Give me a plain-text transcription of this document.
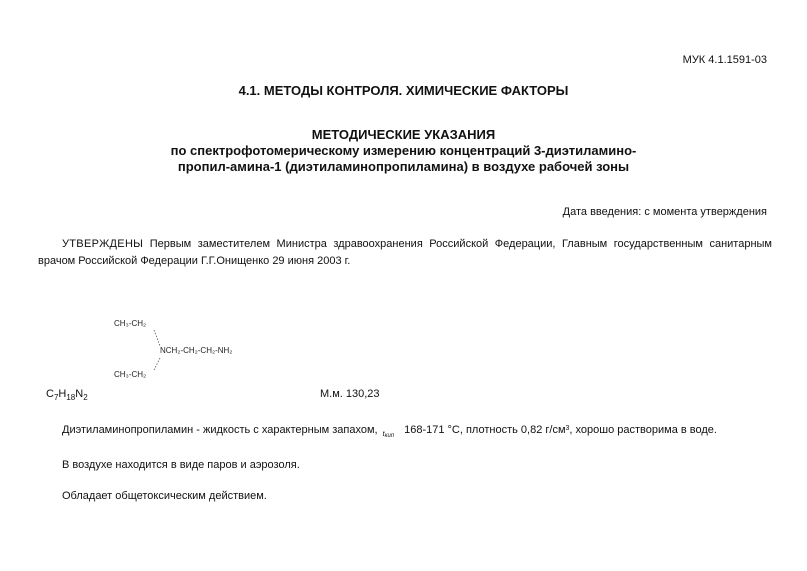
МУК 4.1.1591-03
4.1. МЕТОДЫ КОНТРОЛЯ. ХИМИЧЕСКИЕ ФАКТОРЫ
МЕТОДИЧЕСКИЕ УКАЗАНИЯ
по спектрофотомерическому измерению концентраций 3-диэтиламино-
пропил-амина-1 (диэтиламинопропиламина) в воздухе рабочей зоны
Дата введения: с момента утверждения
УТВЕРЖДЕНЫ Первым заместителем Министра здравоохранения Российской Федерации, Главным государственным санитарным врачом Российской Федерации Г.Г.Онищенко 29 июня 2003 г.
CH₃-CH₂
NCH₂-CH₂-CH₂-NH₂
CH₃-CH₂
$C_7H_{18}N_2$	М.м. 130,23
Диэтиламинопропиламин - жидкость с характерным запахом, tкип 168-171 °С, плотность 0,82 $г/см^3$, хорошо растворима в воде.
В воздухе находится в виде паров и аэрозоля.
Обладает общетоксическим действием.
